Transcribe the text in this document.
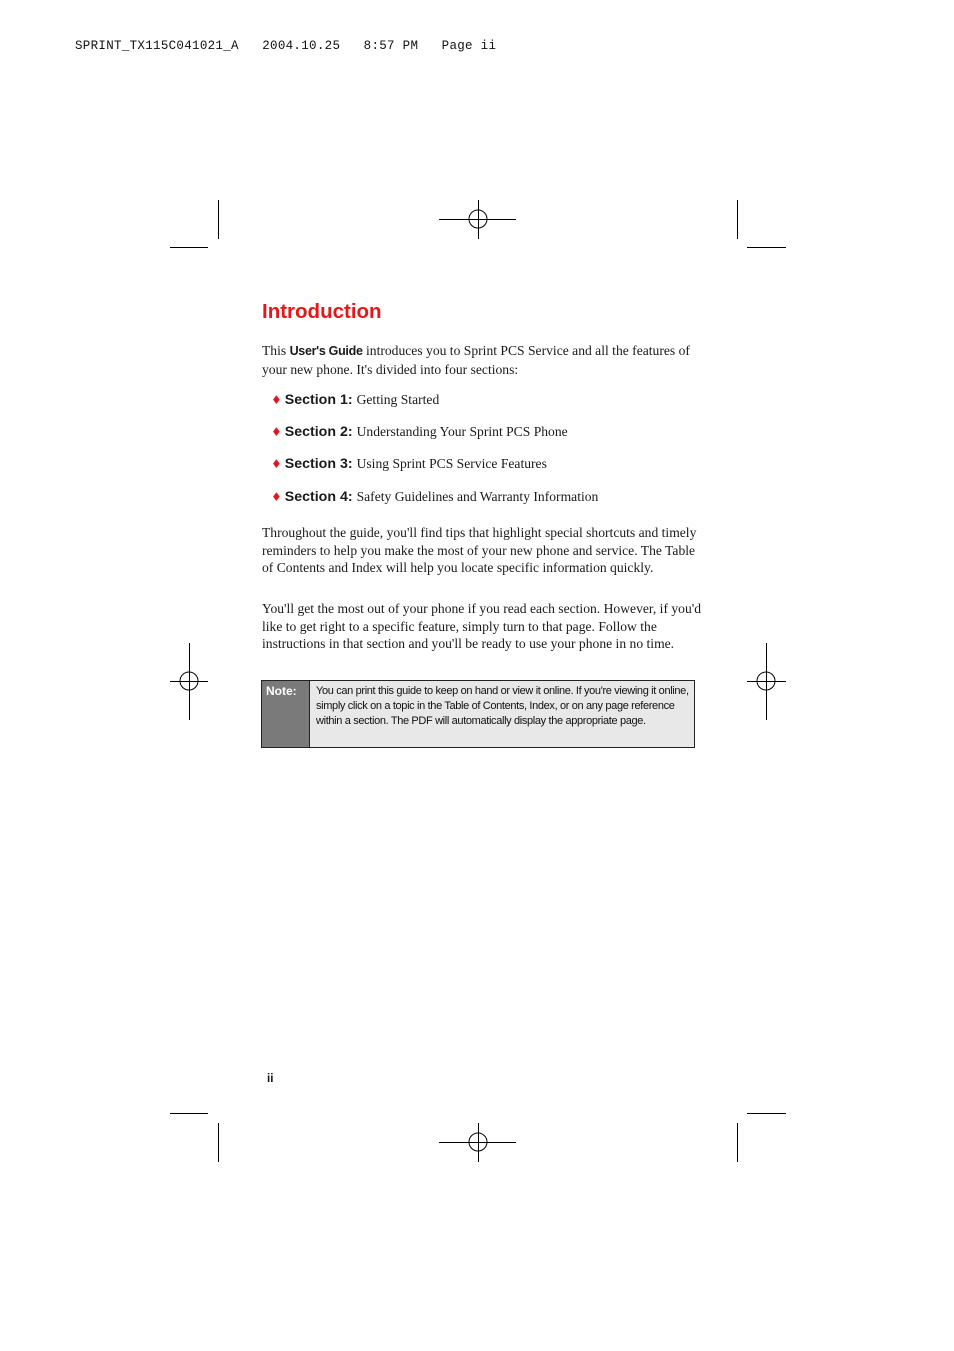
SPRINT_TX115C041021_A   2004.10.25   8:57 PM   Page ii
Introduction

This User's Guide introduces you to Sprint PCS Service and all the features of your new phone. It's divided into four sections:

♦ Section 1: Getting Started
♦ Section 2: Understanding Your Sprint PCS Phone
♦ Section 3: Using Sprint PCS Service Features
♦ Section 4: Safety Guidelines and Warranty Information

Throughout the guide, you'll find tips that highlight special shortcuts and timely reminders to help you make the most of your new phone and service. The Table of Contents and Index will help you locate specific information quickly.

You'll get the most out of your phone if you read each section. However, if you'd like to get right to a specific feature, simply turn to that page. Follow the instructions in that section and you'll be ready to use your phone in no time.

Note:	You can print this guide to keep on hand or view it online. If you're viewing it online, simply click on a topic in the Table of Contents, Index, or on any page reference within a section. The PDF will automatically display the appropriate page.
ii
